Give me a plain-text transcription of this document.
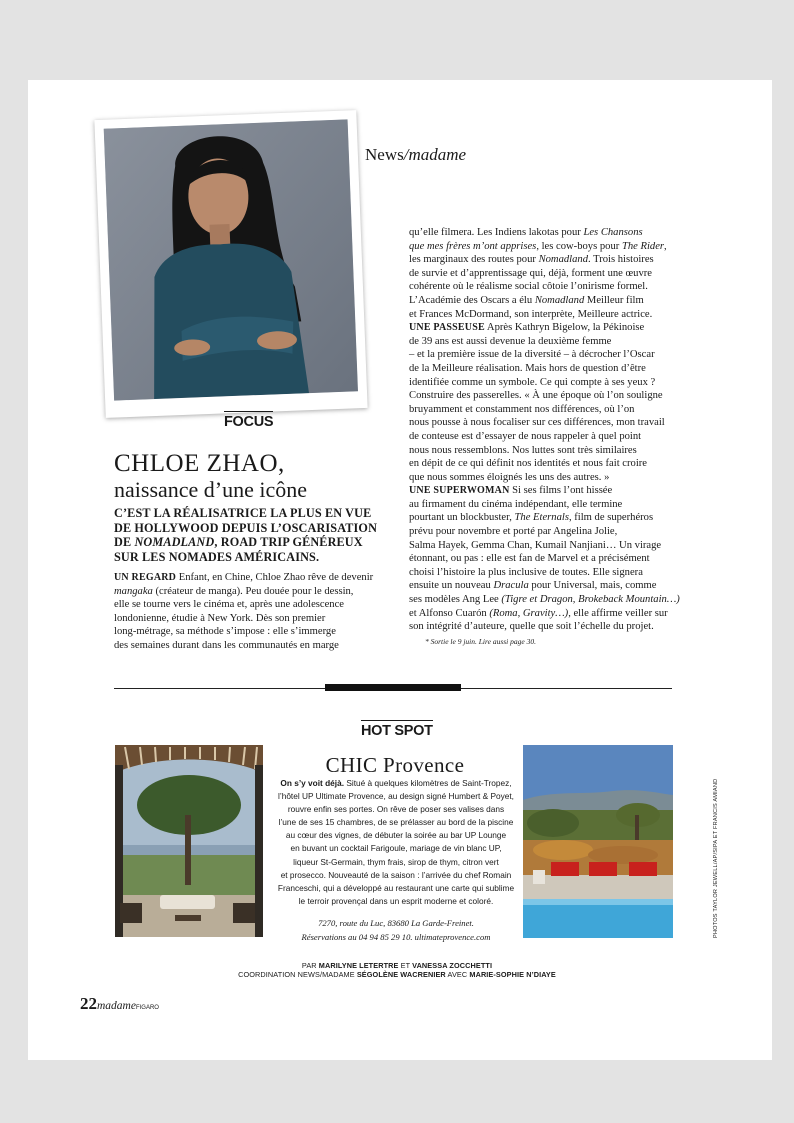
News/madame
FOCUS
CHLOE ZHAO,
naissance d’une icône
C’EST LA RÉALISATRICE LA PLUS EN VUE
DE HOLLYWOOD DEPUIS L’OSCARISATION
DE NOMADLAND, ROAD TRIP GÉNÉREUX
SUR LES NOMADES AMÉRICAINS.

UN REGARD Enfant, en Chine, Chloe Zhao rêve de devenir

mangaka (créateur de manga). Peu douée pour le dessin,

elle se tourne vers le cinéma et, après une adolescence

londonienne, étudie à New York. Dès son premier

long-métrage, sa méthode s’impose : elle s’immerge

des semaines durant dans les communautés en marge

qu’elle filmera. Les Indiens lakotas pour Les Chansons

que mes frères m’ont apprises, les cow-boys pour The Rider,

les marginaux des routes pour Nomadland. Trois histoires

de survie et d’apprentissage qui, déjà, forment une œuvre

cohérente où le réalisme social côtoie l’onirisme formel.

L’Académie des Oscars a élu Nomadland Meilleur film

et Frances McDormand, son interprète, Meilleure actrice.

UNE PASSEUSE Après Kathryn Bigelow, la Pékinoise

de 39 ans est aussi devenue la deuxième femme

– et la première issue de la diversité – à décrocher l’Oscar

de la Meilleure réalisation. Mais hors de question d’être

identifiée comme un symbole. Ce qui compte à ses yeux ?

Construire des passerelles. « À une époque où l’on souligne

bruyamment et constamment nos différences, où l’on

nous pousse à nous focaliser sur ces différences, mon travail

de conteuse est d’essayer de nous rappeler à quel point

nous nous ressemblons. Nos luttes sont très similaires

en dépit de ce qui définit nos identités et nous fait croire

que nous sommes éloignés les uns des autres. »

UNE SUPERWOMAN Si ses films l’ont hissée

au firmament du cinéma indépendant, elle termine

pourtant un blockbuster, The Eternals, film de superhéros

prévu pour novembre et porté par Angelina Jolie,

Salma Hayek, Gemma Chan, Kumail Nanjiani… Un virage

étonnant, ou pas : elle est fan de Marvel et a précisément

choisi l’histoire la plus inclusive de toutes. Elle signera

ensuite un nouveau Dracula pour Universal, mais, comme

ses modèles Ang Lee (Tigre et Dragon, Brokeback Mountain…)

et Alfonso Cuarón (Roma, Gravity…), elle affirme veiller sur

son intégrité d’auteure, quelle que soit l’échelle du projet.

* Sortie le 9 juin. Lire aussi page 30.

HOT SPOT
CHIC Provence
On s’y voit déjà. Situé à quelques kilomètres de Saint-Tropez,
l’hôtel UP Ultimate Provence, au design signé Humbert & Poyet,
rouvre enfin ses portes. On rêve de poser ses valises dans
l’une de ses 15 chambres, de se prélasser au bord de la piscine
au cœur des vignes, de débuter la soirée au bar UP Lounge
en buvant un cocktail Farigoule, mariage de vin blanc UP,
liqueur St-Germain, thym frais, sirop de thym, citron vert
et prosecco. Nouveauté de la saison : l’arrivée du chef Romain
Franceschi, qui a développé au restaurant une carte qui sublime
le terroir provençal dans un esprit moderne et coloré.
7270, route du Luc, 83680 La Garde-Freinet.
Réservations au 04 94 85 29 10. ultimateprovence.com	PHOTOS TAYLOR JEWELL/AP/SIPA ET FRANCIS AMIAND
PAR MARILYNE LETERTRE ET VANESSA ZOCCHETTI
COORDINATION NEWS/MADAME SÉGOLÈNE WACRENIER AVEC MARIE-SOPHIE N’DIAYE
22madameFIGARO
